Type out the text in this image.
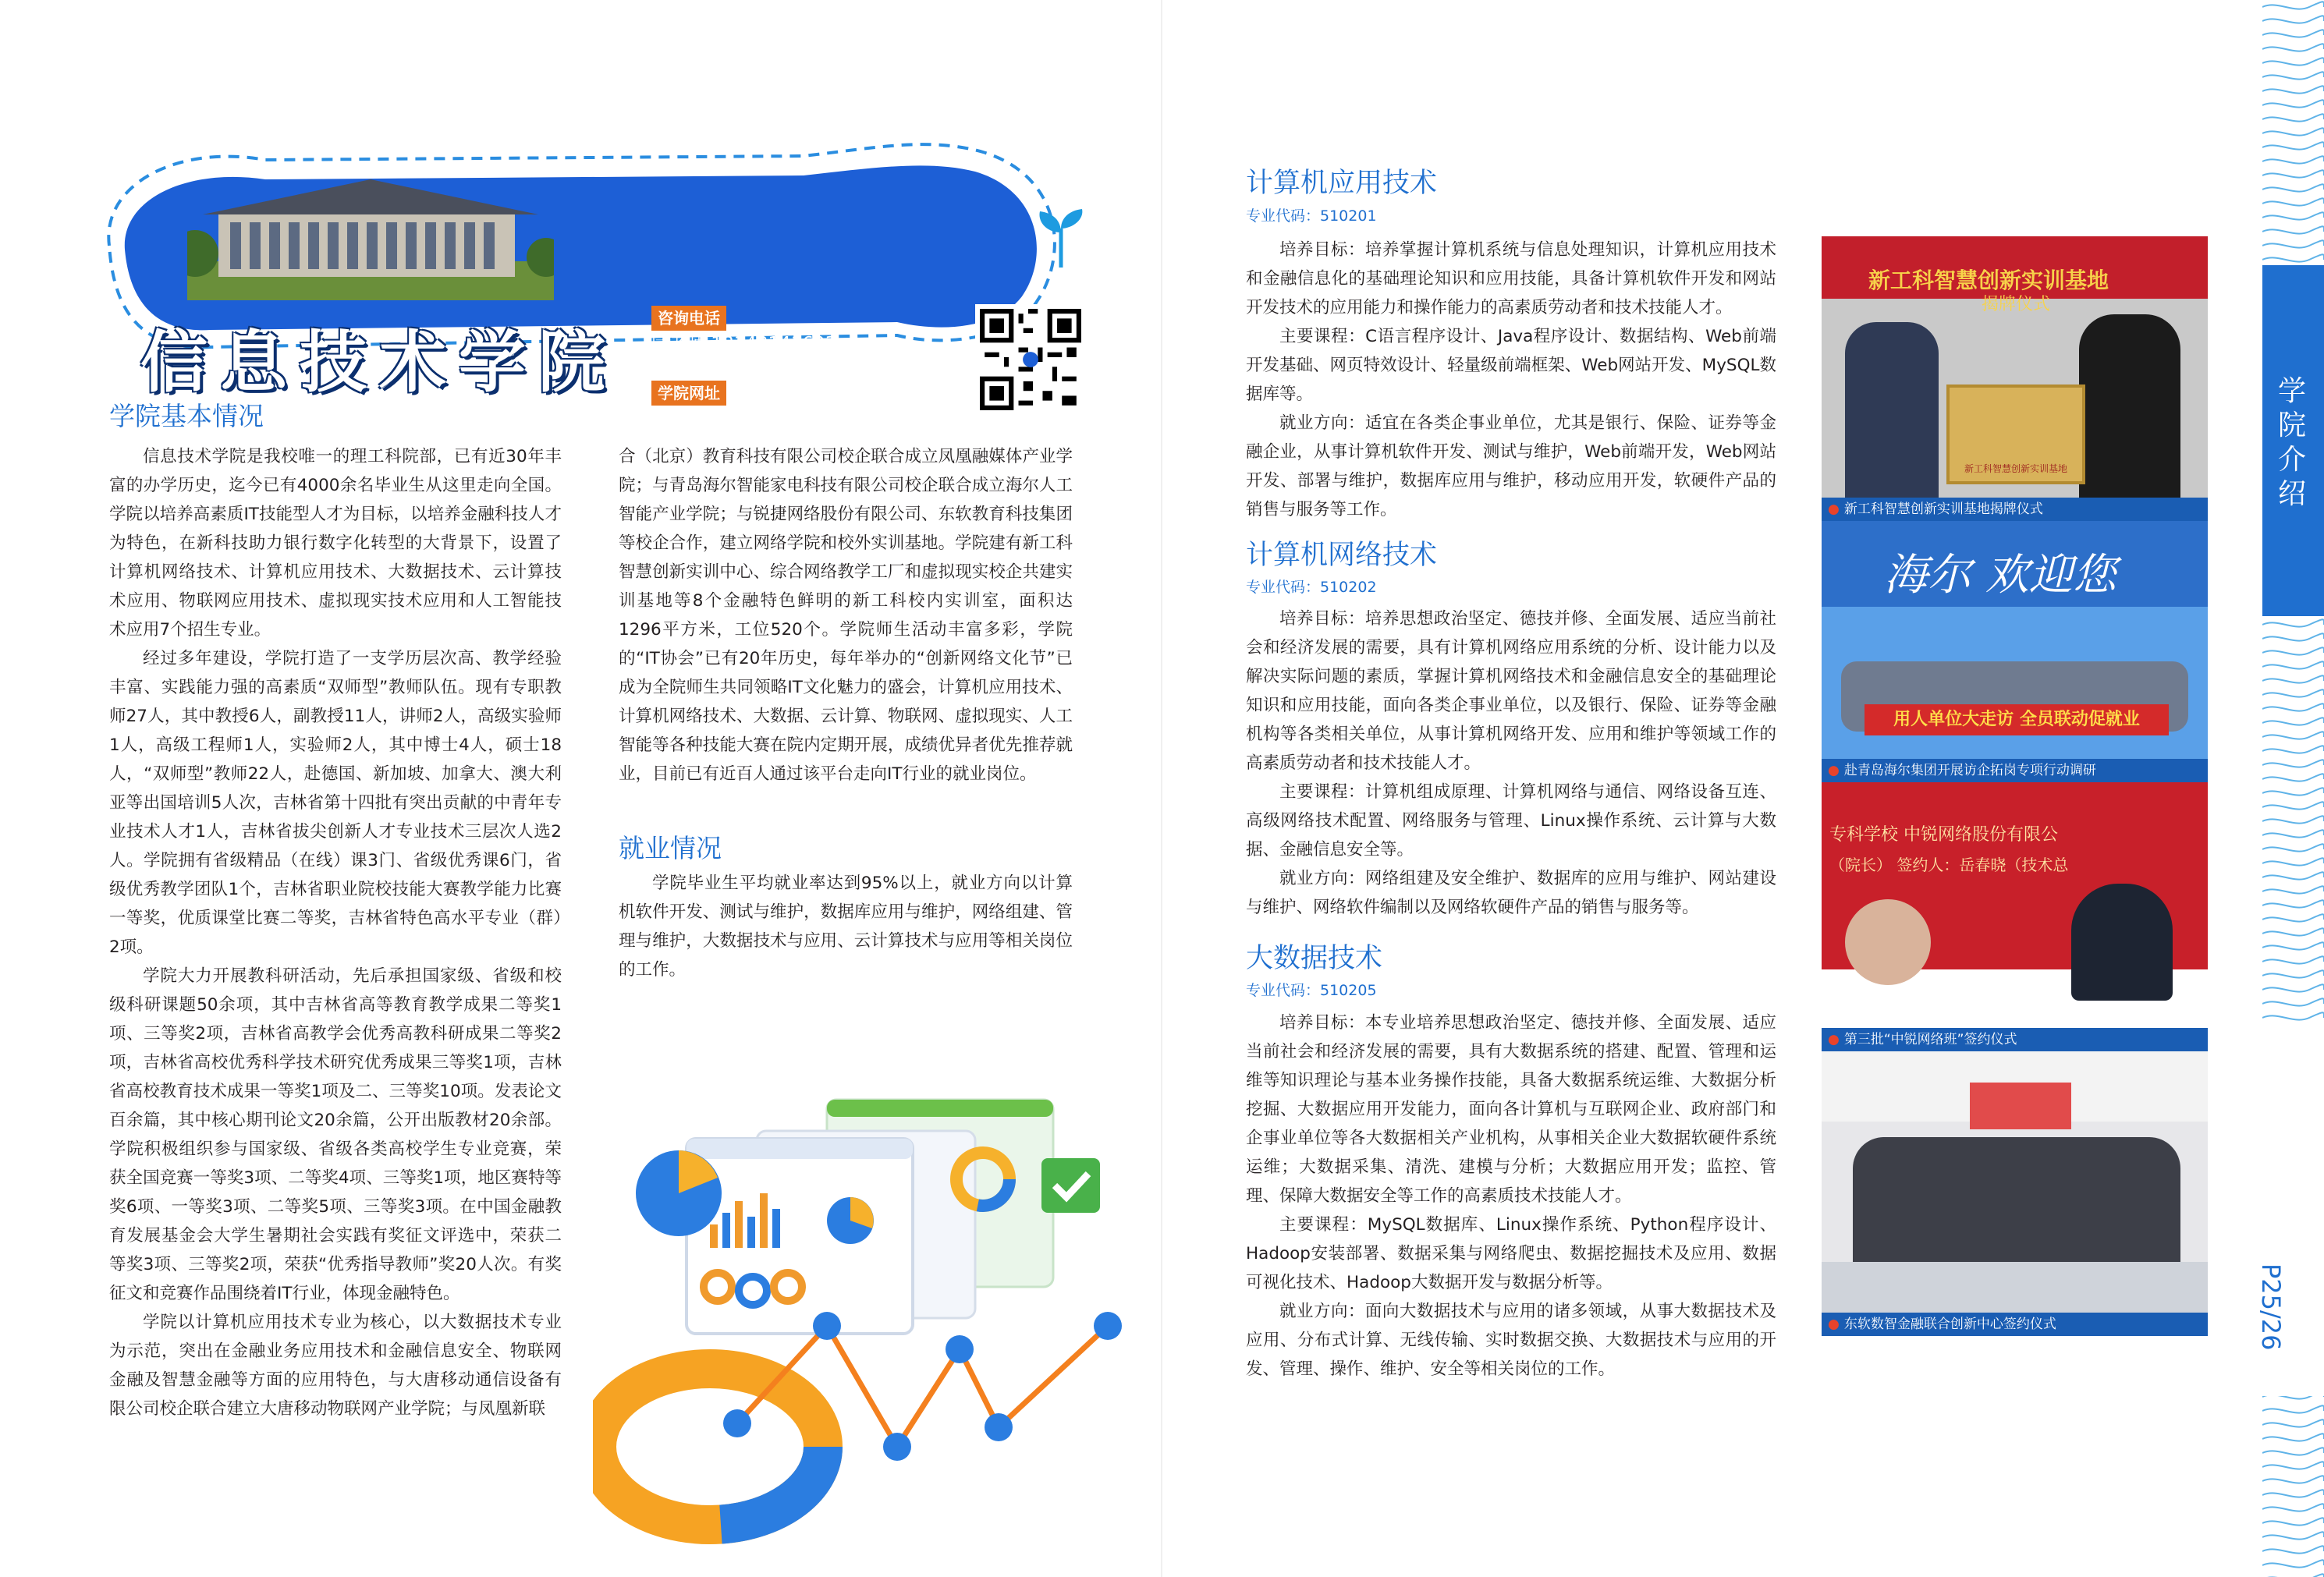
信息技术学院
咨询电话
闫老师 18143141693
戚老师 17743481802
学院网址
https://www.cigz.edu.cn/xxjsxy/
学院基本情况

信息技术学院是我校唯一的理工科院部，已有近30年丰富的办学历史，迄今已有4000余名毕业生从这里走向全国。学院以培养高素质IT技能型人才为目标，以培养金融科技人才为特色，在新科技助力银行数字化转型的大背景下，设置了计算机网络技术、计算机应用技术、大数据技术、云计算技术应用、物联网应用技术、虚拟现实技术应用和人工智能技术应用7个招生专业。

经过多年建设，学院打造了一支学历层次高、教学经验丰富、实践能力强的高素质“双师型”教师队伍。现有专职教师27人，其中教授6人，副教授11人，讲师2人，高级实验师1人，高级工程师1人，实验师2人，其中博士4人，硕士18人，“双师型”教师22人，赴德国、新加坡、加拿大、澳大利亚等出国培训5人次，吉林省第十四批有突出贡献的中青年专业技术人才1人，吉林省拔尖创新人才专业技术三层次人选2人。学院拥有省级精品（在线）课3门、省级优秀课6门，省级优秀教学团队1个，吉林省职业院校技能大赛教学能力比赛一等奖，优质课堂比赛二等奖，吉林省特色高水平专业（群）2项。

学院大力开展教科研活动，先后承担国家级、省级和校级科研课题50余项，其中吉林省高等教育教学成果二等奖1项、三等奖2项，吉林省高教学会优秀高教科研成果二等奖2项，吉林省高校优秀科学技术研究优秀成果三等奖1项，吉林省高校教育技术成果一等奖1项及二、三等奖10项。发表论文百余篇，其中核心期刊论文20余篇，公开出版教材20余部。学院积极组织参与国家级、省级各类高校学生专业竞赛，荣获全国竞赛一等奖3项、二等奖4项、三等奖1项，地区赛特等奖6项、一等奖3项、二等奖5项、三等奖3项。在中国金融教育发展基金会大学生暑期社会实践有奖征文评选中，荣获二等奖3项、三等奖2项，荣获“优秀指导教师”奖20人次。有奖征文和竞赛作品围绕着IT行业，体现金融特色。

学院以计算机应用技术专业为核心，以大数据技术专业为示范，突出在金融业务应用技术和金融信息安全、物联网金融及智慧金融等方面的应用特色，与大唐移动通信设备有限公司校企联合建立大唐移动物联网产业学院；与凤凰新联

合（北京）教育科技有限公司校企联合成立凤凰融媒体产业学院；与青岛海尔智能家电科技有限公司校企联合成立海尔人工智能产业学院；与锐捷网络股份有限公司、东软教育科技集团等校企合作，建立网络学院和校外实训基地。学院建有新工科智慧创新实训中心、综合网络教学工厂和虚拟现实校企共建实训基地等8个金融特色鲜明的新工科校内实训室，面积达1296平方米，工位520个。学院师生活动丰富多彩，学院的“IT协会”已有20年历史，每年举办的“创新网络文化节”已成为全院师生共同领略IT文化魅力的盛会，计算机应用技术、计算机网络技术、大数据、云计算、物联网、虚拟现实、人工智能等各种技能大赛在院内定期开展，成绩优异者优先推荐就业，目前已有近百人通过该平台走向IT行业的就业岗位。

就业情况

学院毕业生平均就业率达到95%以上，就业方向以计算机软件开发、测试与维护，数据库应用与维护，网络组建、管理与维护，大数据技术与应用、云计算技术与应用等相关岗位的工作。

计算机应用技术
专业代码：510201

培养目标：培养掌握计算机系统与信息处理知识，计算机应用技术和金融信息化的基础理论知识和应用技能，具备计算机软件开发和网站开发技术的应用能力和操作能力的高素质劳动者和技术技能人才。

主要课程：C语言程序设计、Java程序设计、数据结构、Web前端开发基础、网页特效设计、轻量级前端框架、Web网站开发、MySQL数据库等。

就业方向：适宜在各类企事业单位，尤其是银行、保险、证券等金融企业，从事计算机软件开发、测试与维护，Web前端开发，Web网站开发、部署与维护，数据库应用与维护，移动应用开发，软硬件产品的销售与服务等工作。

计算机网络技术
专业代码：510202

培养目标：培养思想政治坚定、德技并修、全面发展、适应当前社会和经济发展的需要，具有计算机网络应用系统的分析、设计能力以及解决实际问题的素质，掌握计算机网络技术和金融信息安全的基础理论知识和应用技能，面向各类企事业单位，以及银行、保险、证券等金融机构等各类相关单位，从事计算机网络开发、应用和维护等领域工作的高素质劳动者和技术技能人才。

主要课程：计算机组成原理、计算机网络与通信、网络设备互连、高级网络技术配置、网络服务与管理、Linux操作系统、云计算与大数据、金融信息安全等。

就业方向：网络组建及安全维护、数据库的应用与维护、网站建设与维护、网络软件编制以及网络软硬件产品的销售与服务等。

大数据技术
专业代码：510205

培养目标：本专业培养思想政治坚定、德技并修、全面发展、适应当前社会和经济发展的需要，具有大数据系统的搭建、配置、管理和运维等知识理论与基本业务操作技能，具备大数据系统运维、大数据分析挖掘、大数据应用开发能力，面向各计算机与互联网企业、政府部门和企事业单位等各大数据相关产业机构，从事相关企业大数据软硬件系统运维；大数据采集、清洗、建模与分析；大数据应用开发；监控、管理、保障大数据安全等工作的高素质技术技能人才。

主要课程：MySQL数据库、Linux操作系统、Python程序设计、Hadoop安装部署、数据采集与网络爬虫、数据挖掘技术及应用、数据可视化技术、Hadoop大数据开发与数据分析等。

就业方向：面向大数据技术与应用的诸多领域，从事大数据技术及应用、分布式计算、无线传输、实时数据交换、大数据技术与应用的开发、管理、操作、维护、安全等相关岗位的工作。

新工科智慧创新实训基地
揭牌仪式
新工科智慧创新实训基地
● 新工科智慧创新实训基地揭牌仪式
海尔 欢迎您
用人单位大走访 全员联动促就业
● 赴青岛海尔集团开展访企拓岗专项行动调研
专科学校 中锐网络股份有限公
（院长） 签约人：岳春晓（技术总
● 第三批“中锐网络班”签约仪式
● 东软数智金融联合创新中心签约仪式
学院介绍
P25/26
